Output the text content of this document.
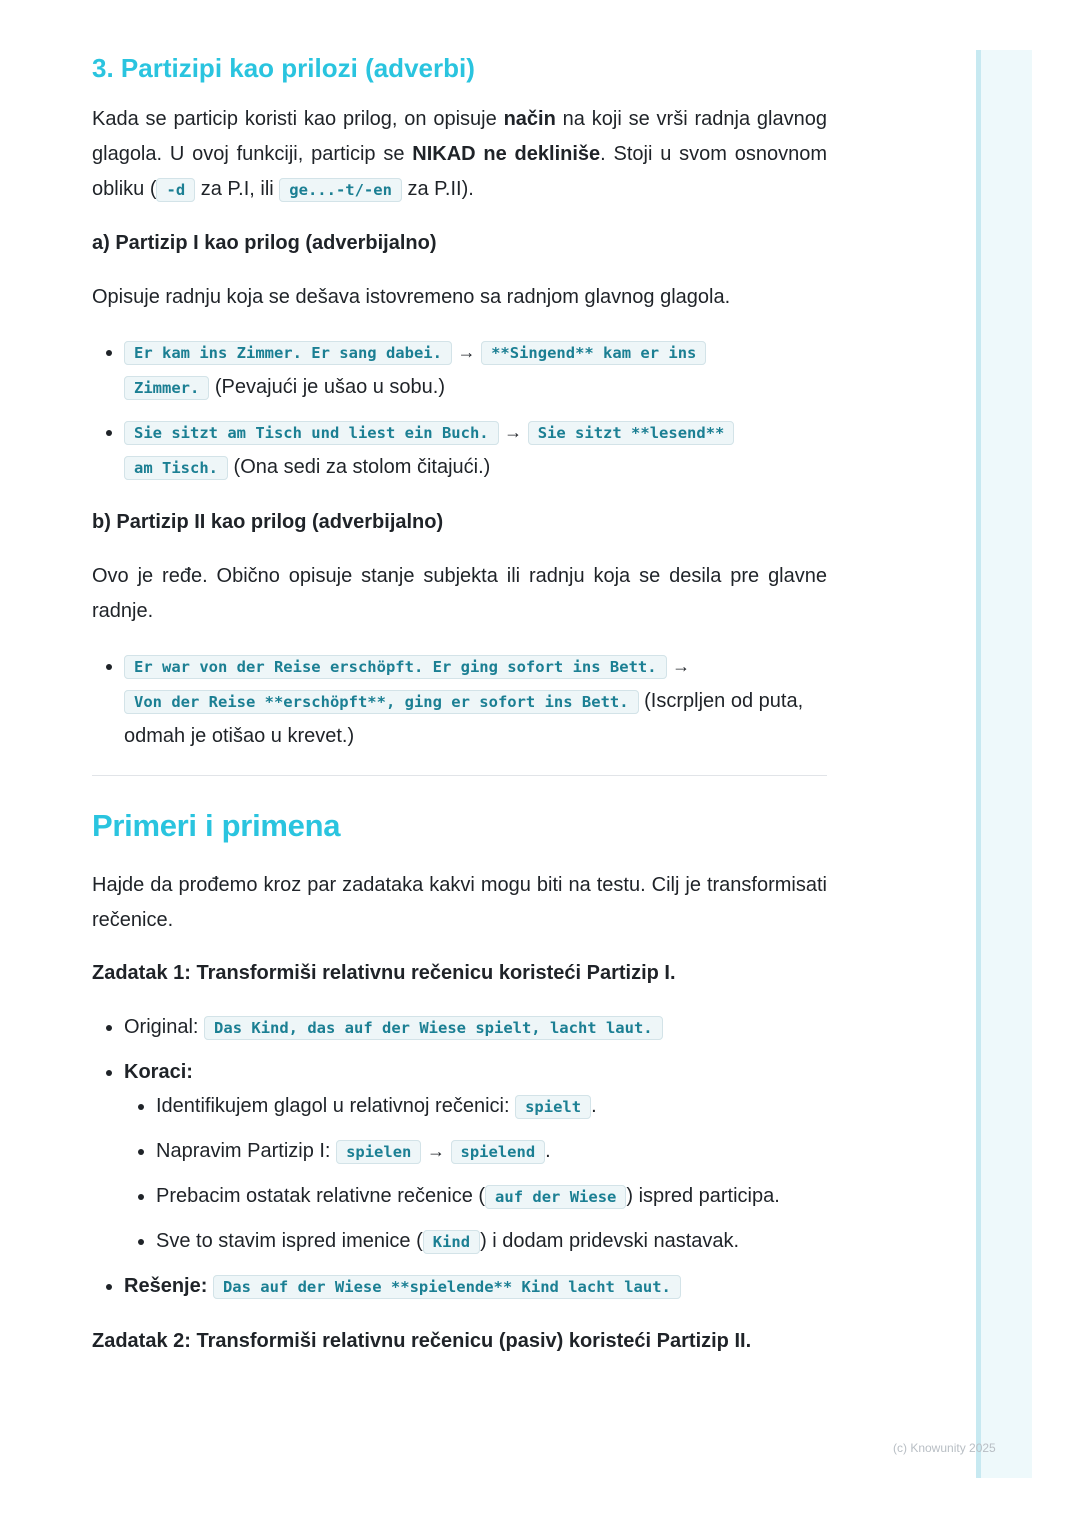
(c) Knowunity 2025
3. Partizipi kao prilozi (adverbi)

Kada se particip koristi kao prilog, on opisuje način na koji se vrši radnja glavnog glagola. U ovoj funkciji, particip se NIKAD ne dekliniše. Stoji u svom osnovnom obliku ( -d za P.I, ili ge...-t/-en za P.II).

a) Partizip I kao prilog (adverbijalno)

Opisuje radnju koja se dešava istovremeno sa radnjom glavnog glagola.

• Er kam ins Zimmer. Er sang dabei. → **Singend** kam er ins
Zimmer. (Pevajući je ušao u sobu.)
• Sie sitzt am Tisch und liest ein Buch. → Sie sitzt **lesend**
am Tisch. (Ona sedi za stolom čitajući.)
b) Partizip II kao prilog (adverbijalno)

Ovo je ređe. Obično opisuje stanje subjekta ili radnju koja se desila pre glavne radnje.

• Er war von der Reise erschöpft. Er ging sofort ins Bett. →
Von der Reise **erschöpft**, ging er sofort ins Bett. (Iscrpljen od puta, odmah je otišao u krevet.)
Primeri i primena

Hajde da prođemo kroz par zadataka kakvi mogu biti na testu. Cilj je transformisati rečenice.

Zadatak 1: Transformiši relativnu rečenicu koristeći Partizip I.
• Original: Das Kind, das auf der Wiese spielt, lacht laut.
• Koraci:
• Identifikujem glagol u relativnoj rečenici: spielt .
• Napravim Partizip I: spielen → spielend .
• Prebacim ostatak relativne rečenice ( auf der Wiese ) ispred participa.
• Sve to stavim ispred imenice ( Kind ) i dodam pridevski nastavak.
• Rešenje: Das auf der Wiese **spielende** Kind lacht laut.
Zadatak 2: Transformiši relativnu rečenicu (pasiv) koristeći Partizip II.
